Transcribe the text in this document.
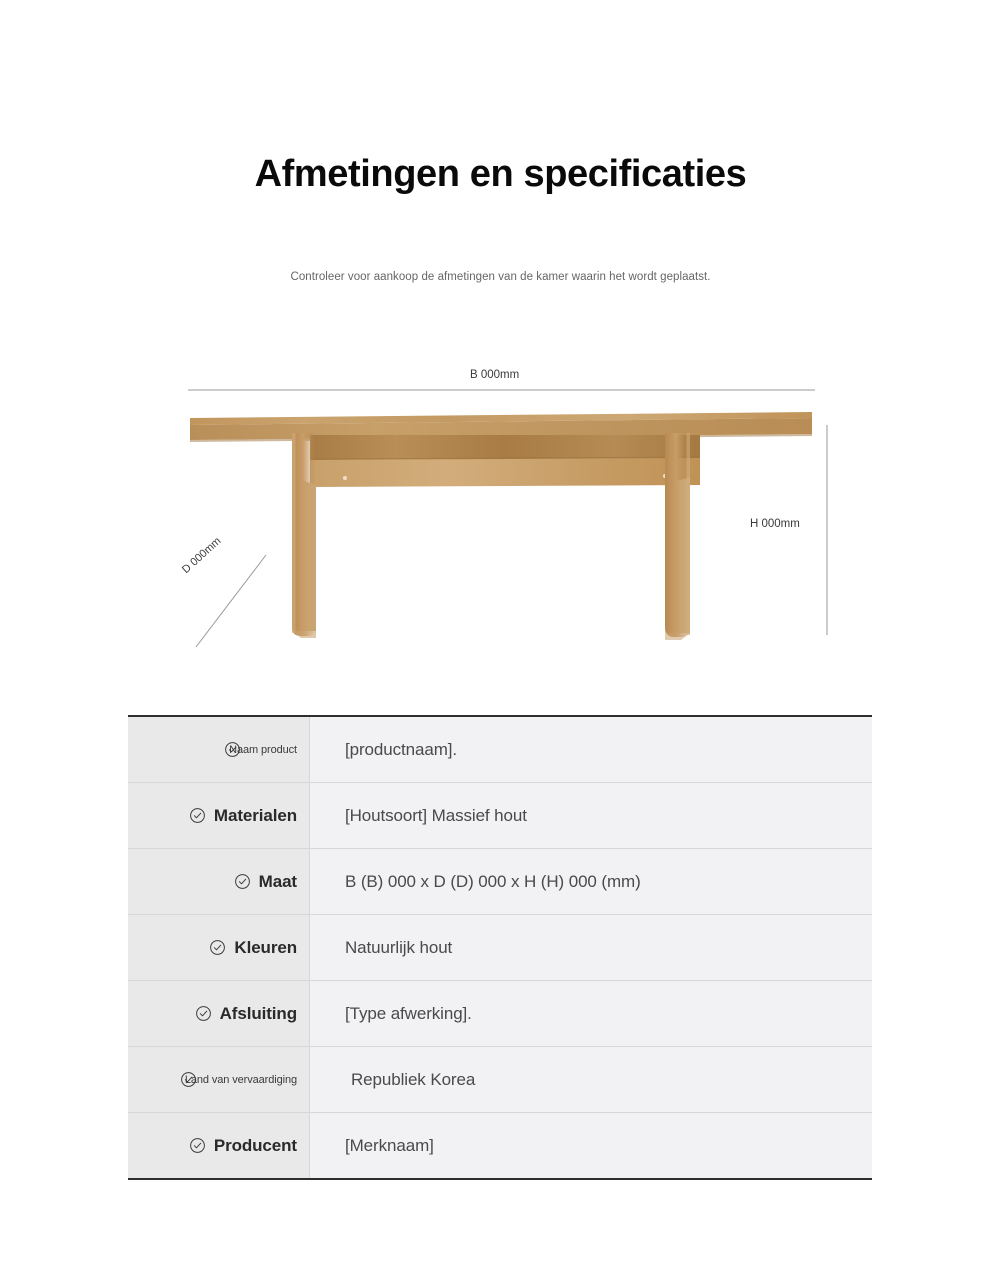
Afmetingen en specificaties
Controleer voor aankoop de afmetingen van de kamer waarin het wordt geplaatst.
B 000mm
H 000mm
D 000mm
Naam product	[productnaam].
Materialen	[Houtsoort] Massief hout
Maat	B (B) 000 x D (D) 000 x H (H) 000 (mm)
Kleuren	Natuurlijk hout
Afsluiting	[Type afwerking].
Land van vervaardiging	Republiek Korea
Producent	[Merknaam]
